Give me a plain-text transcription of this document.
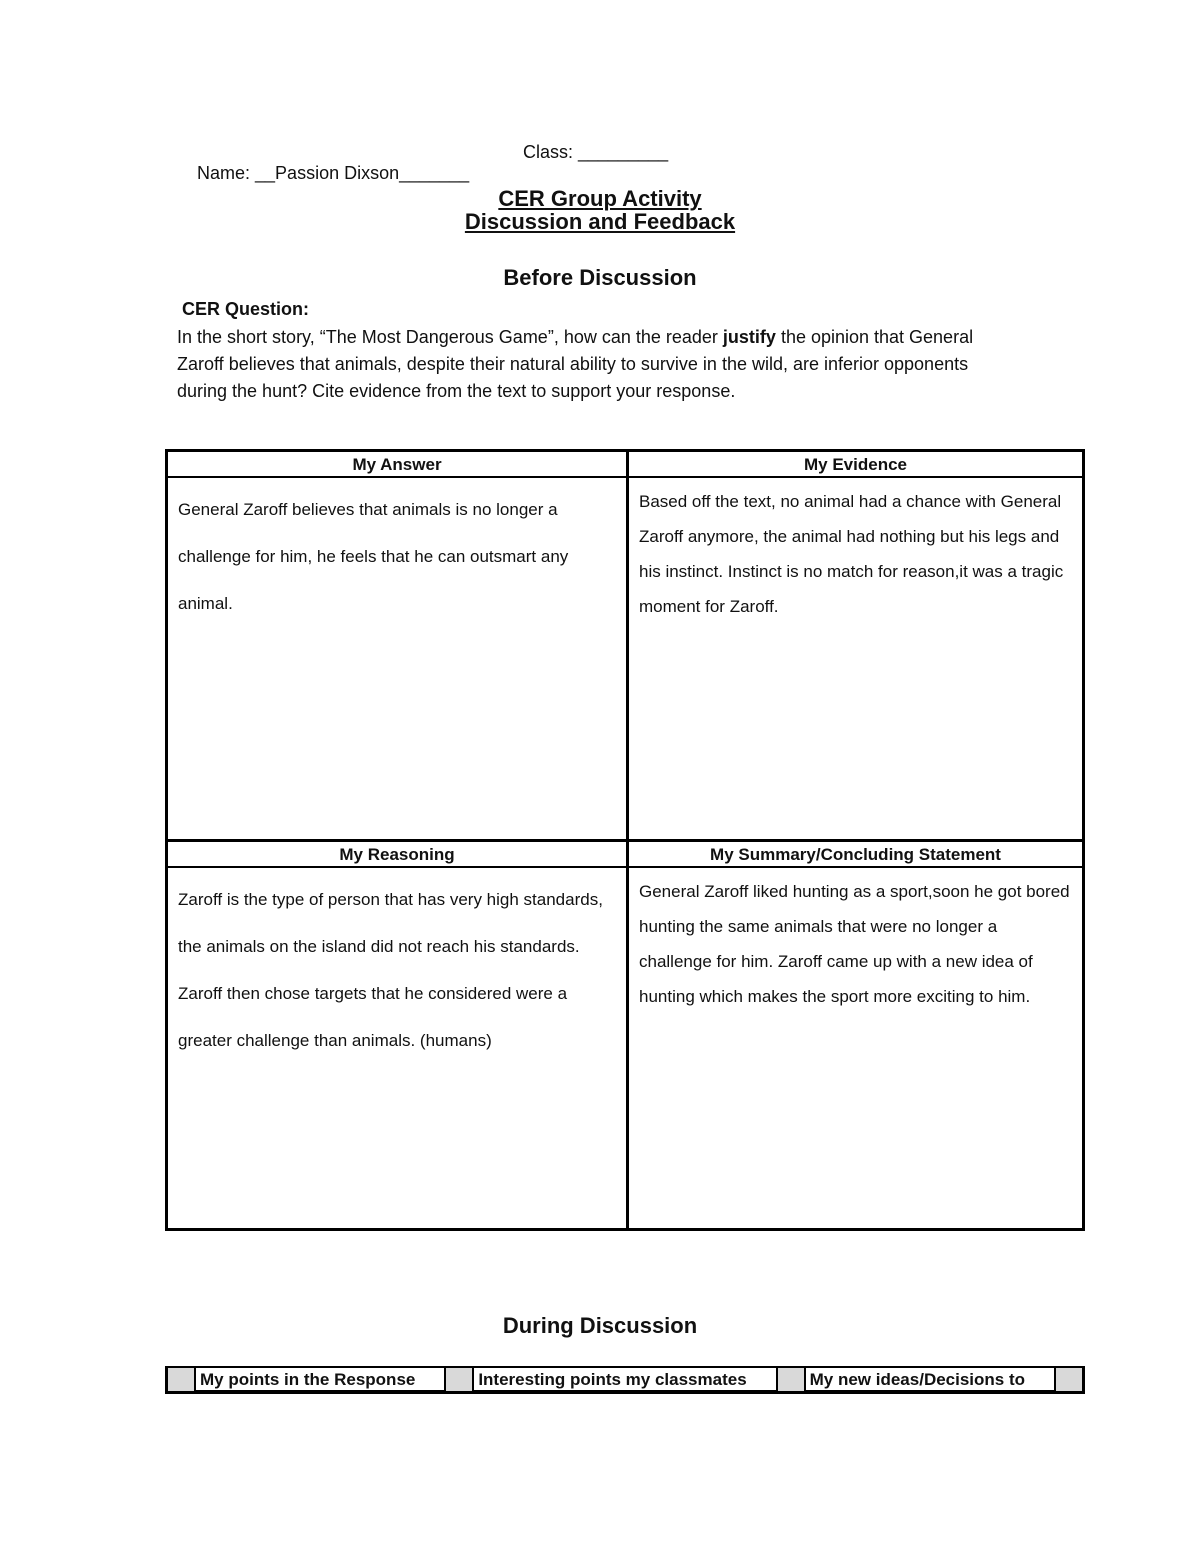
Name: __Passion Dixson_______

Class: _________

CER Group Activity
Discussion and Feedback
Before Discussion
CER Question:
In the short story, “The Most Dangerous Game”, how can the reader justify the opinion that General Zaroff believes that animals, despite their natural ability to survive in the wild, are inferior opponents during the hunt? Cite evidence from the text to support your response.
My Answer
General Zaroff believes that animals is no longer a challenge for him, he feels that he can outsmart any animal.
My Evidence
Based off the text, no animal had a chance with General Zaroff anymore, the animal had nothing but his legs and his instinct. Instinct is no match for reason,it was a tragic moment for Zaroff.
My Reasoning
Zaroff is the type of person that has very high standards, the animals on the island did not reach his standards. Zaroff then chose targets that he considered were a greater challenge than animals. (humans)
My Summary/Concluding Statement
General Zaroff liked hunting as a sport,soon he got bored hunting the same animals that were no longer a challenge for him. Zaroff came up with a new idea of hunting which makes the sport more exciting to him.
During Discussion
My points in the Response	Interesting points my classmates	My new ideas/Decisions to
